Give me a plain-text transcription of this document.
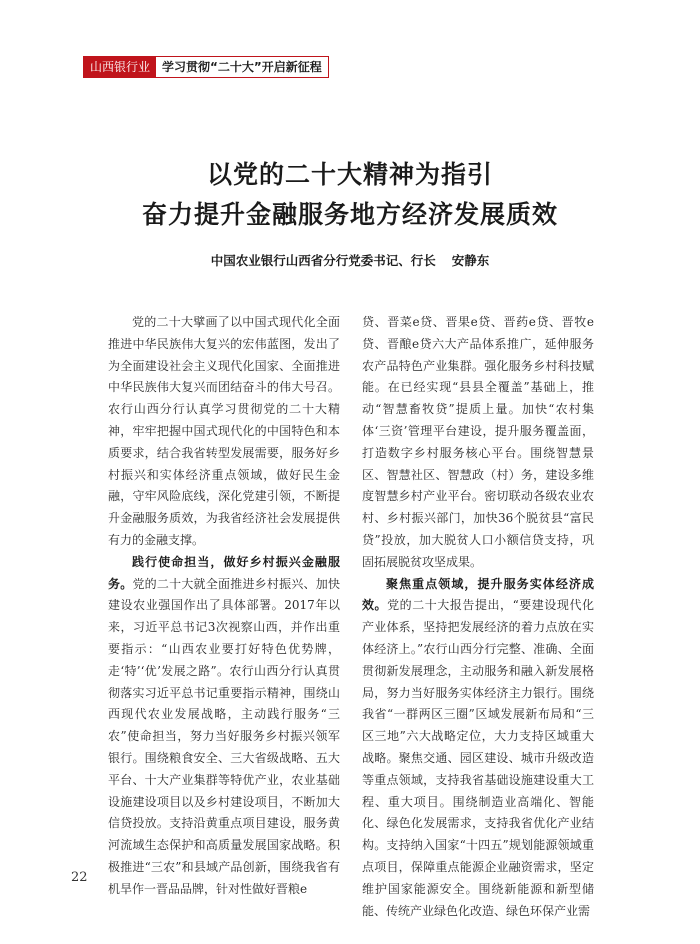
山西银行业	学习贯彻“二十大”开启新征程
以党的二十大精神为指引
奋力提升金融服务地方经济发展质效
中国农业银行山西省分行党委书记、行长 安静东

党的二十大擘画了以中国式现代化全面推进中华民族伟大复兴的宏伟蓝图，发出了为全面建设社会主义现代化国家、全面推进中华民族伟大复兴而团结奋斗的伟大号召。农行山西分行认真学习贯彻党的二十大精神，牢牢把握中国式现代化的中国特色和本质要求，结合我省转型发展需要，服务好乡村振兴和实体经济重点领域，做好民生金融，守牢风险底线，深化党建引领，不断提升金融服务质效，为我省经济社会发展提供有力的金融支撑。

践行使命担当，做好乡村振兴金融服务。党的二十大就全面推进乡村振兴、加快建设农业强国作出了具体部署。2017年以来，习近平总书记3次视察山西，并作出重要指示：“山西农业要打好特色优势牌，走‘特’‘优’发展之路”。农行山西分行认真贯彻落实习近平总书记重要指示精神，围绕山西现代农业发展战略，主动践行服务“三农”使命担当，努力当好服务乡村振兴领军银行。围绕粮食安全、三大省级战略、五大平台、十大产业集群等特优产业，农业基础设施建设项目以及乡村建设项目，不断加大信贷投放。支持沿黄重点项目建设，服务黄河流域生态保护和高质量发展国家战略。积极推进“三农”和县域产品创新，围绕我省有机旱作一晋品品牌，针对性做好晋粮e

贷、晋菜e贷、晋果e贷、晋药e贷、晋牧e贷、晋酿e贷六大产品体系推广，延伸服务农产品特色产业集群。强化服务乡村科技赋能。在已经实现“县县全覆盖”基础上，推动“智慧畜牧贷”提质上量。加快“农村集体‘三资’管理平台建设，提升服务覆盖面，打造数字乡村服务核心平台。围绕智慧景区、智慧社区、智慧政（村）务，建设多维度智慧乡村产业平台。密切联动各级农业农村、乡村振兴部门，加快36个脱贫县“富民贷”投放，加大脱贫人口小额信贷支持，巩固拓展脱贫攻坚成果。

聚焦重点领域，提升服务实体经济成效。党的二十大报告提出，“要建设现代化产业体系，坚持把发展经济的着力点放在实体经济上。”农行山西分行完整、准确、全面贯彻新发展理念，主动服务和融入新发展格局，努力当好服务实体经济主力银行。围绕我省“一群两区三圈”区域发展新布局和“三区三地”六大战略定位，大力支持区域重大战略。聚焦交通、园区建设、城市升级改造等重点领域，支持我省基础设施建设重大工程、重大项目。围绕制造业高端化、智能化、绿色化发展需求，支持我省优化产业结构。支持纳入国家“十四五”规划能源领域重点项目，保障重点能源企业融资需求，坚定维护国家能源安全。围绕新能源和新型储能、传统产业绿色化改造、绿色环保产业需

22
